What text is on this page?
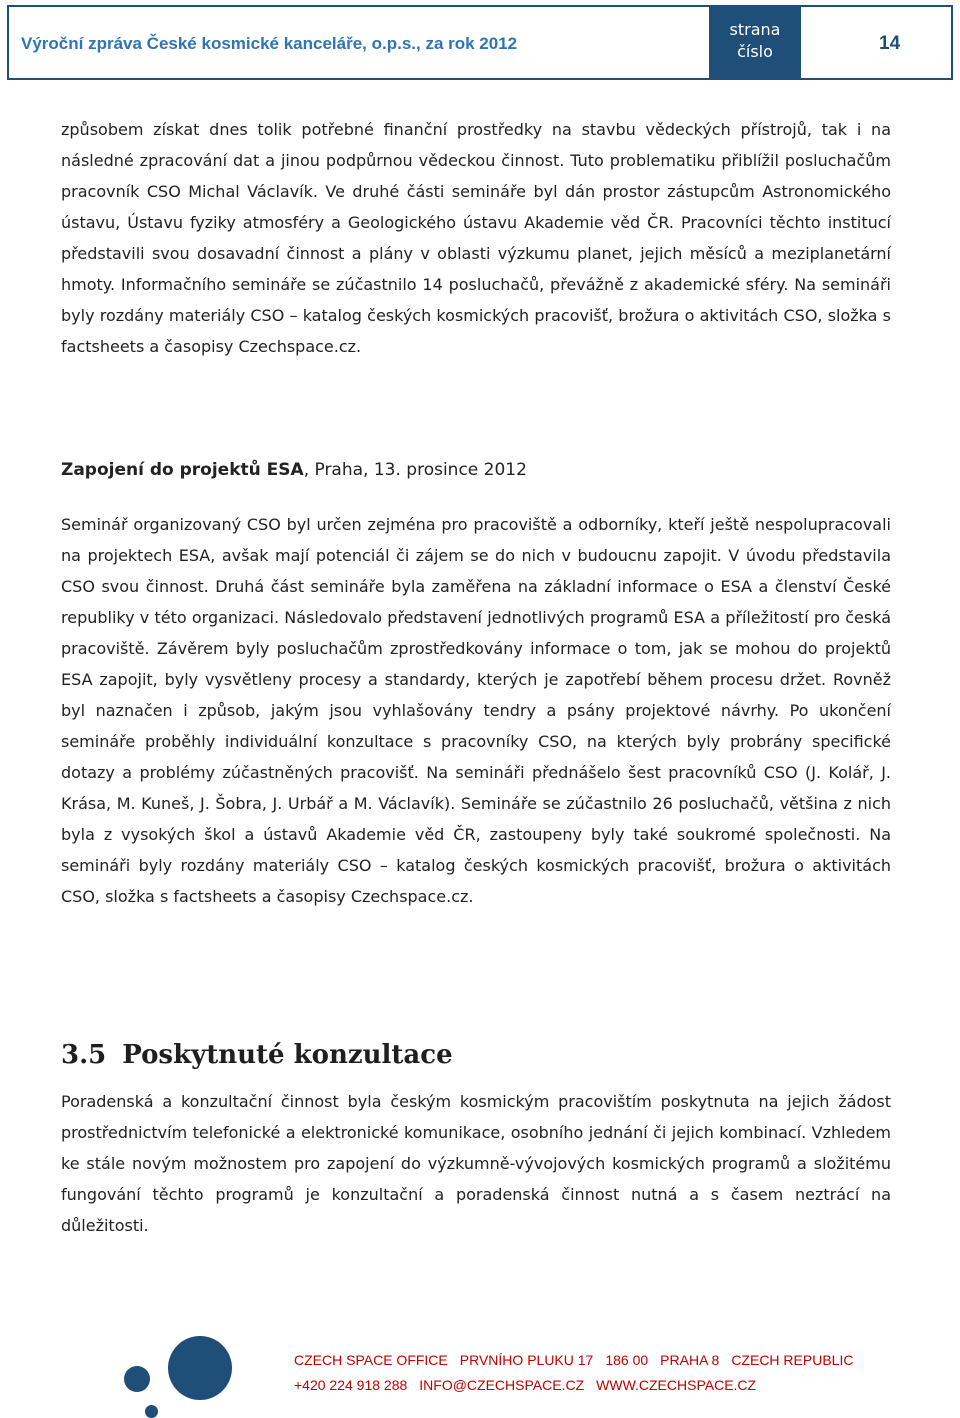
Výroční zpráva České kosmické kanceláře, o.p.s., za rok 2012
strana
číslo	14
způsobem získat dnes tolik potřebné finanční prostředky na stavbu vědeckých přístrojů, tak i na následné zpracování dat a jinou podpůrnou vědeckou činnost. Tuto problematiku přiblížil posluchačům pracovník CSO Michal Václavík. Ve druhé části semináře byl dán prostor zástupcům Astronomického ústavu, Ústavu fyziky atmosféry a Geologického ústavu Akademie věd ČR. Pracovníci těchto institucí představili svou dosavadní činnost a plány v oblasti výzkumu planet, jejich měsíců a meziplanetární hmoty. Informačního semináře se zúčastnilo 14 posluchačů, převážně z akademické sféry. Na semináři byly rozdány materiály CSO – katalog českých kosmických pracovišť, brožura o aktivitách CSO, složka s factsheets a časopisy Czechspace.cz.
Zapojení do projektů ESA, Praha, 13. prosince 2012
Seminář organizovaný CSO byl určen zejména pro pracoviště a odborníky, kteří ještě nespolupracovali na projektech ESA, avšak mají potenciál či zájem se do nich v budoucnu zapojit. V úvodu představila CSO svou činnost. Druhá část semináře byla zaměřena na základní informace o ESA a členství České republiky v této organizaci. Následovalo představení jednotlivých programů ESA a příležitostí pro česká pracoviště. Závěrem byly posluchačům zprostředkovány informace o tom, jak se mohou do projektů ESA zapojit, byly vysvětleny procesy a standardy, kterých je zapotřebí během procesu držet. Rovněž byl naznačen i způsob, jakým jsou vyhlašovány tendry a psány projektové návrhy. Po ukončení semináře proběhly individuální konzultace s pracovníky CSO, na kterých byly probrány specifické dotazy a problémy zúčastněných pracovišť. Na semináři přednášelo šest pracovníků CSO (J. Kolář, J. Krása, M. Kuneš, J. Šobra, J. Urbář a M. Václavík). Semináře se zúčastnilo 26 posluchačů, většina z nich byla z vysokých škol a ústavů Akademie věd ČR, zastoupeny byly také soukromé společnosti. Na semináři byly rozdány materiály CSO – katalog českých kosmických pracovišť, brožura o aktivitách CSO, složka s factsheets a časopisy Czechspace.cz.
3.5 Poskytnuté konzultace
Poradenská a konzultační činnost byla českým kosmickým pracovištím poskytnuta na jejich žádost prostřednictvím telefonické a elektronické komunikace, osobního jednání či jejich kombinací. Vzhledem ke stále novým možnostem pro zapojení do výzkumně-vývojových kosmických programů a složitému fungování těchto programů je konzultační a poradenská činnost nutná a s časem neztrácí na důležitosti.
CZECH SPACE OFFICE PRVNÍHO PLUKU 17 186 00 PRAHA 8 CZECH REPUBLIC
+420 224 918 288 INFO@CZECHSPACE.CZ WWW.CZECHSPACE.CZ
